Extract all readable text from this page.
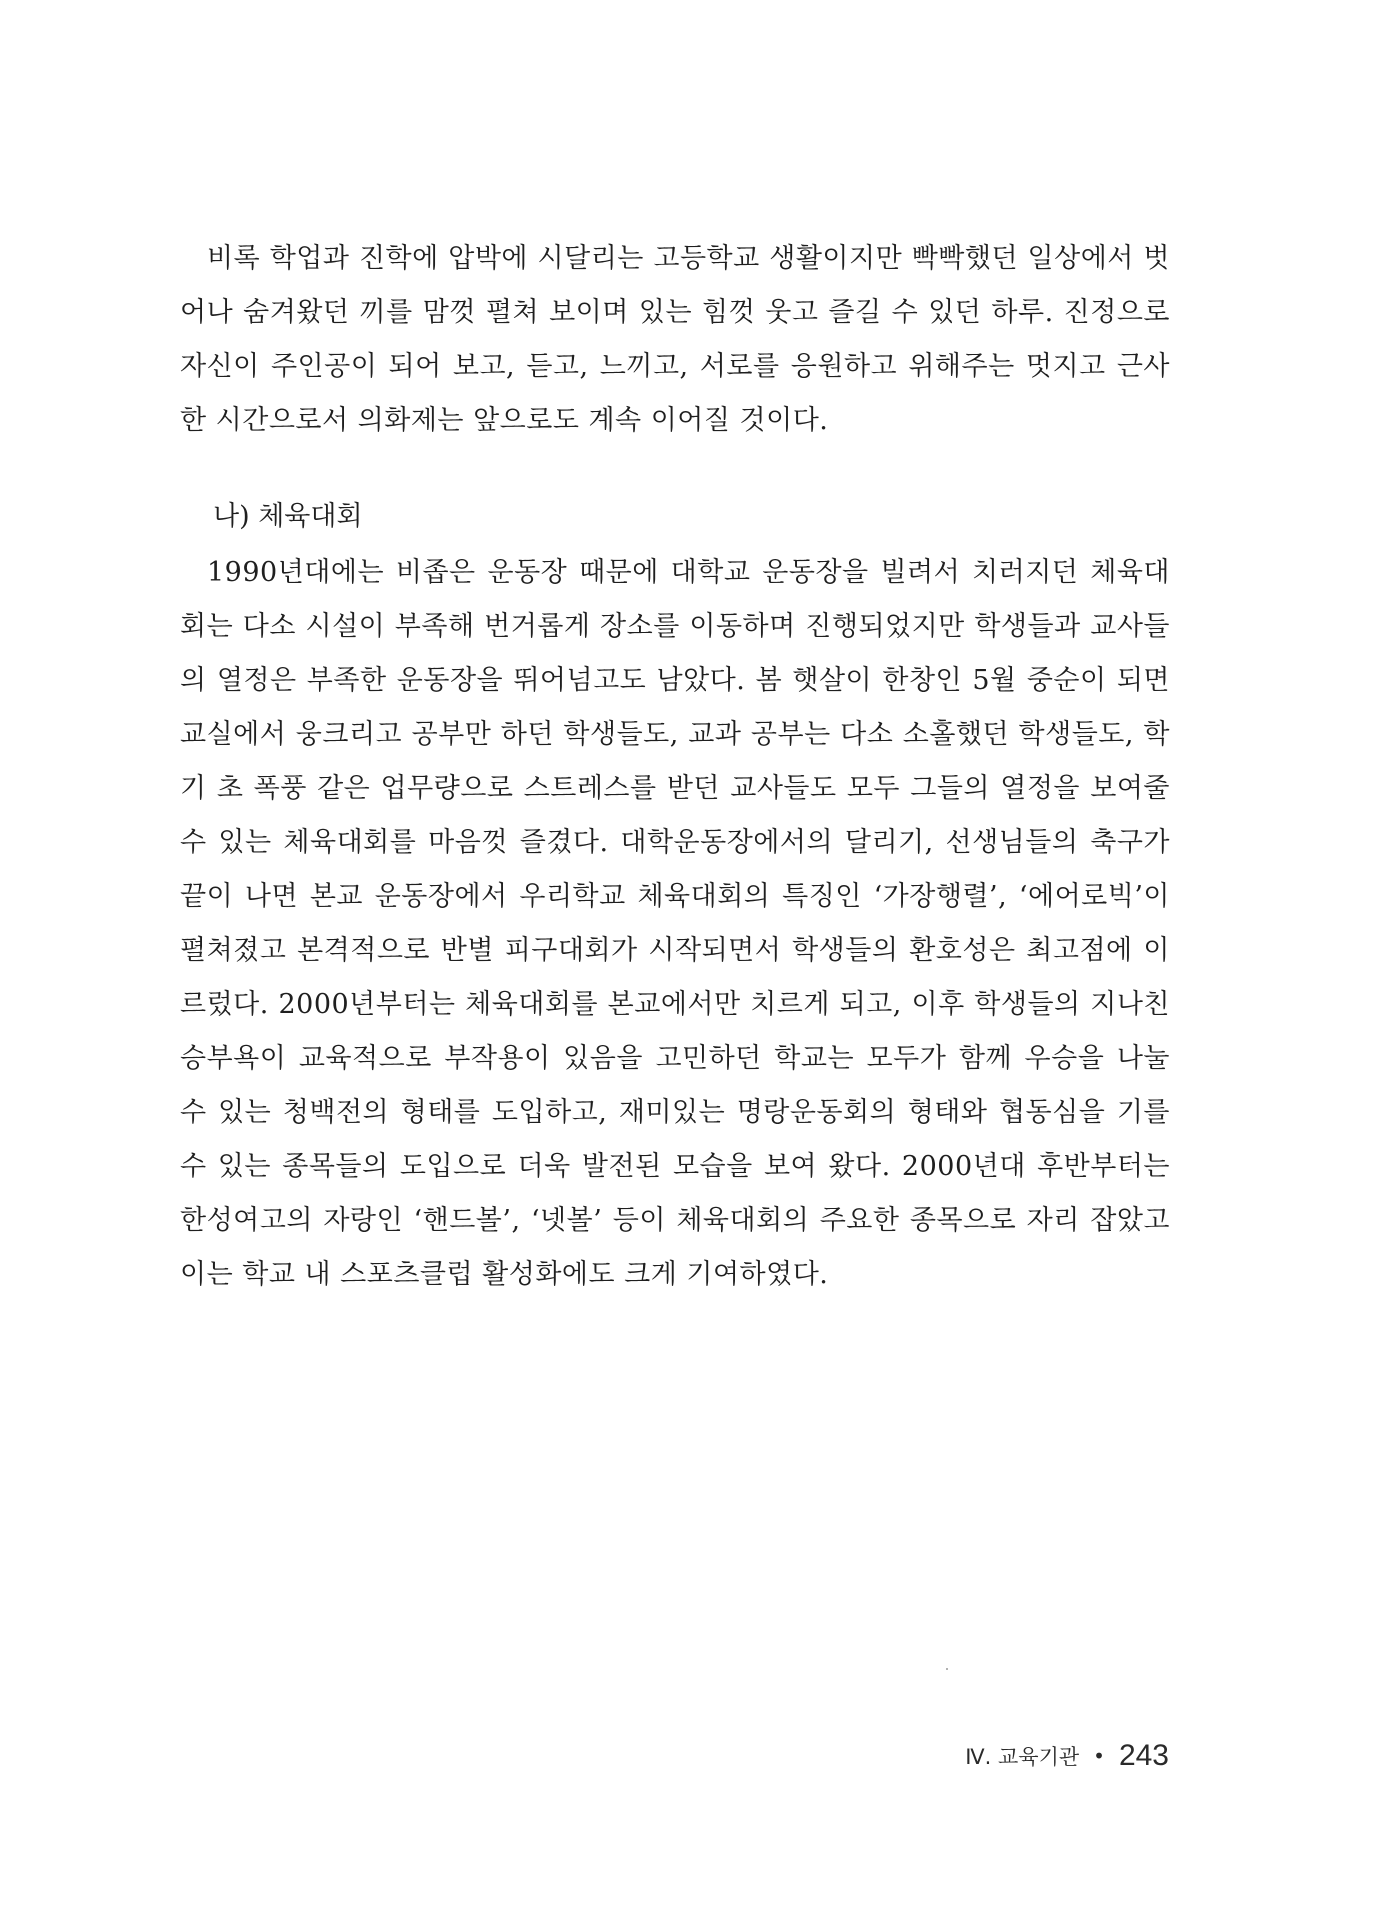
비록 학업과 진학에 압박에 시달리는 고등학교 생활이지만 빡빡했던 일상에서 벗어나 숨겨왔던 끼를 맘껏 펼쳐 보이며 있는 힘껏 웃고 즐길 수 있던 하루. 진정으로 자신이 주인공이 되어 보고, 듣고, 느끼고, 서로를 응원하고 위해주는 멋지고 근사한 시간으로서 의화제는 앞으로도 계속 이어질 것이다.

나) 체육대회

1990년대에는 비좁은 운동장 때문에 대학교 운동장을 빌려서 치러지던 체육대회는 다소 시설이 부족해 번거롭게 장소를 이동하며 진행되었지만 학생들과 교사들의 열정은 부족한 운동장을 뛰어넘고도 남았다. 봄 햇살이 한창인 5월 중순이 되면 교실에서 웅크리고 공부만 하던 학생들도, 교과 공부는 다소 소홀했던 학생들도, 학기 초 폭풍 같은 업무량으로 스트레스를 받던 교사들도 모두 그들의 열정을 보여줄 수 있는 체육대회를 마음껏 즐겼다. 대학운동장에서의 달리기, 선생님들의 축구가 끝이 나면 본교 운동장에서 우리학교 체육대회의 특징인 ‘가장행렬’, ‘에어로빅’이 펼쳐졌고 본격적으로 반별 피구대회가 시작되면서 학생들의 환호성은 최고점에 이르렀다. 2000년부터는 체육대회를 본교에서만 치르게 되고, 이후 학생들의 지나친 승부욕이 교육적으로 부작용이 있음을 고민하던 학교는 모두가 함께 우승을 나눌 수 있는 청백전의 형태를 도입하고, 재미있는 명랑운동회의 형태와 협동심을 기를 수 있는 종목들의 도입으로 더욱 발전된 모습을 보여 왔다. 2000년대 후반부터는 한성여고의 자랑인 ‘핸드볼’, ‘넷볼’ 등이 체육대회의 주요한 종목으로 자리 잡았고 이는 학교 내 스포츠클럽 활성화에도 크게 기여하였다.

Ⅳ. 교육기관 • 243
